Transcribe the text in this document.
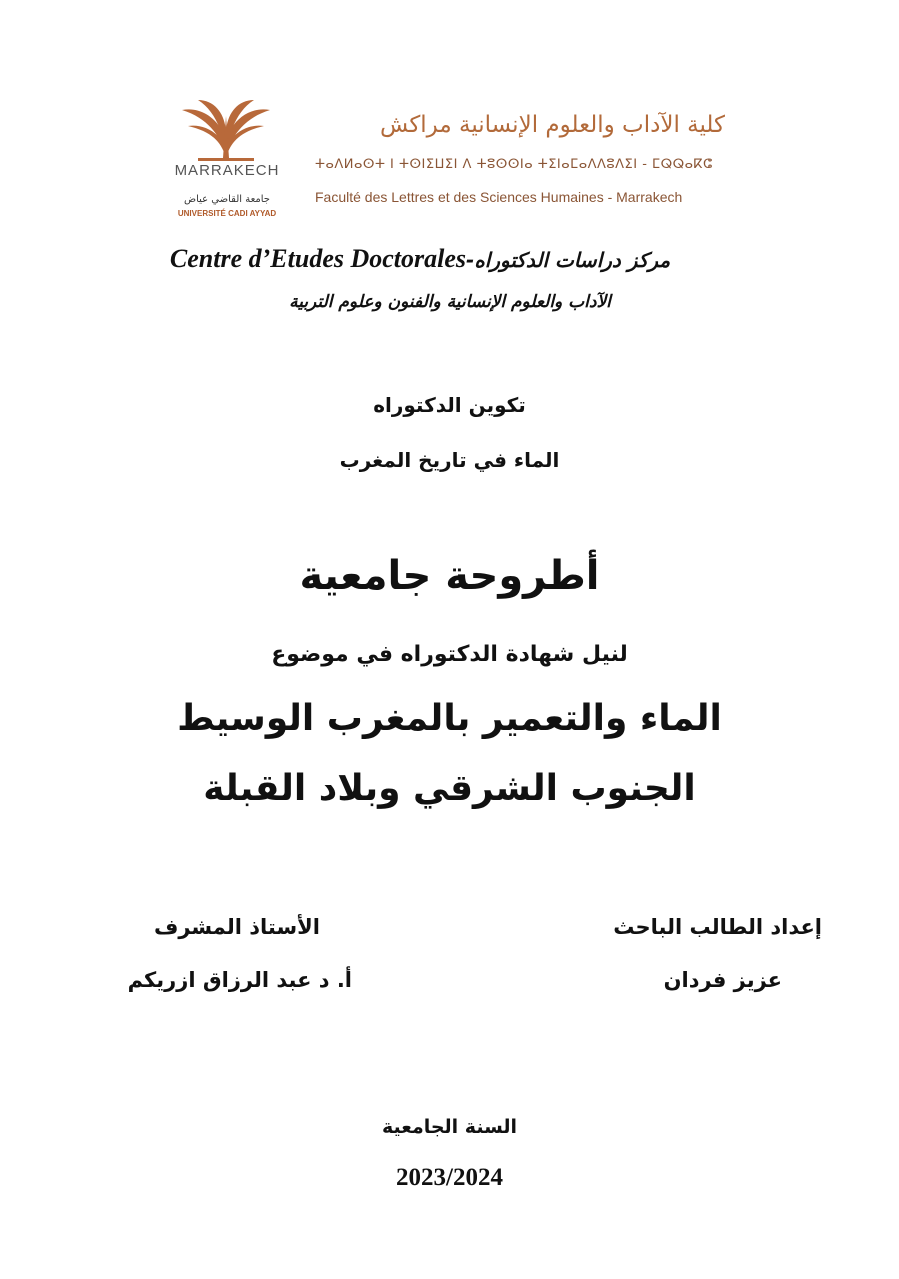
MARRAKECH
جامعة القاضي عياض
UNIVERSITÉ CADI AYYAD
كلية الآداب والعلوم الإنسانية مراكش
ⵜⴰⴷⵍⴰⵙⵜ ⵏ ⵜⵙⵏⵉⵡⵉⵏ ⴷ ⵜⵓⵙⵙⵏⴰ ⵜⵉⵏⴰⵎⴰⴷⴷⵓⴷⵉⵏ - ⵎⵕⵕⴰⴽⵛ
Faculté des Lettres et des Sciences Humaines - Marrakech
مركز دراسات الدكتوراه-Centre d’Etudes Doctorales
الآداب والعلوم الإنسانية والفنون وعلوم التربية
تكوين الدكتوراه
الماء في تاريخ المغرب
أطروحة جامعية
لنيل شهادة الدكتوراه في موضوع
الماء والتعمير بالمغرب الوسيط
الجنوب الشرقي وبلاد القبلة
إعداد الطالب الباحث
عزيز فردان
الأستاذ المشرف
أ. د عبد الرزاق ازريكم
السنة الجامعية
2023/2024
